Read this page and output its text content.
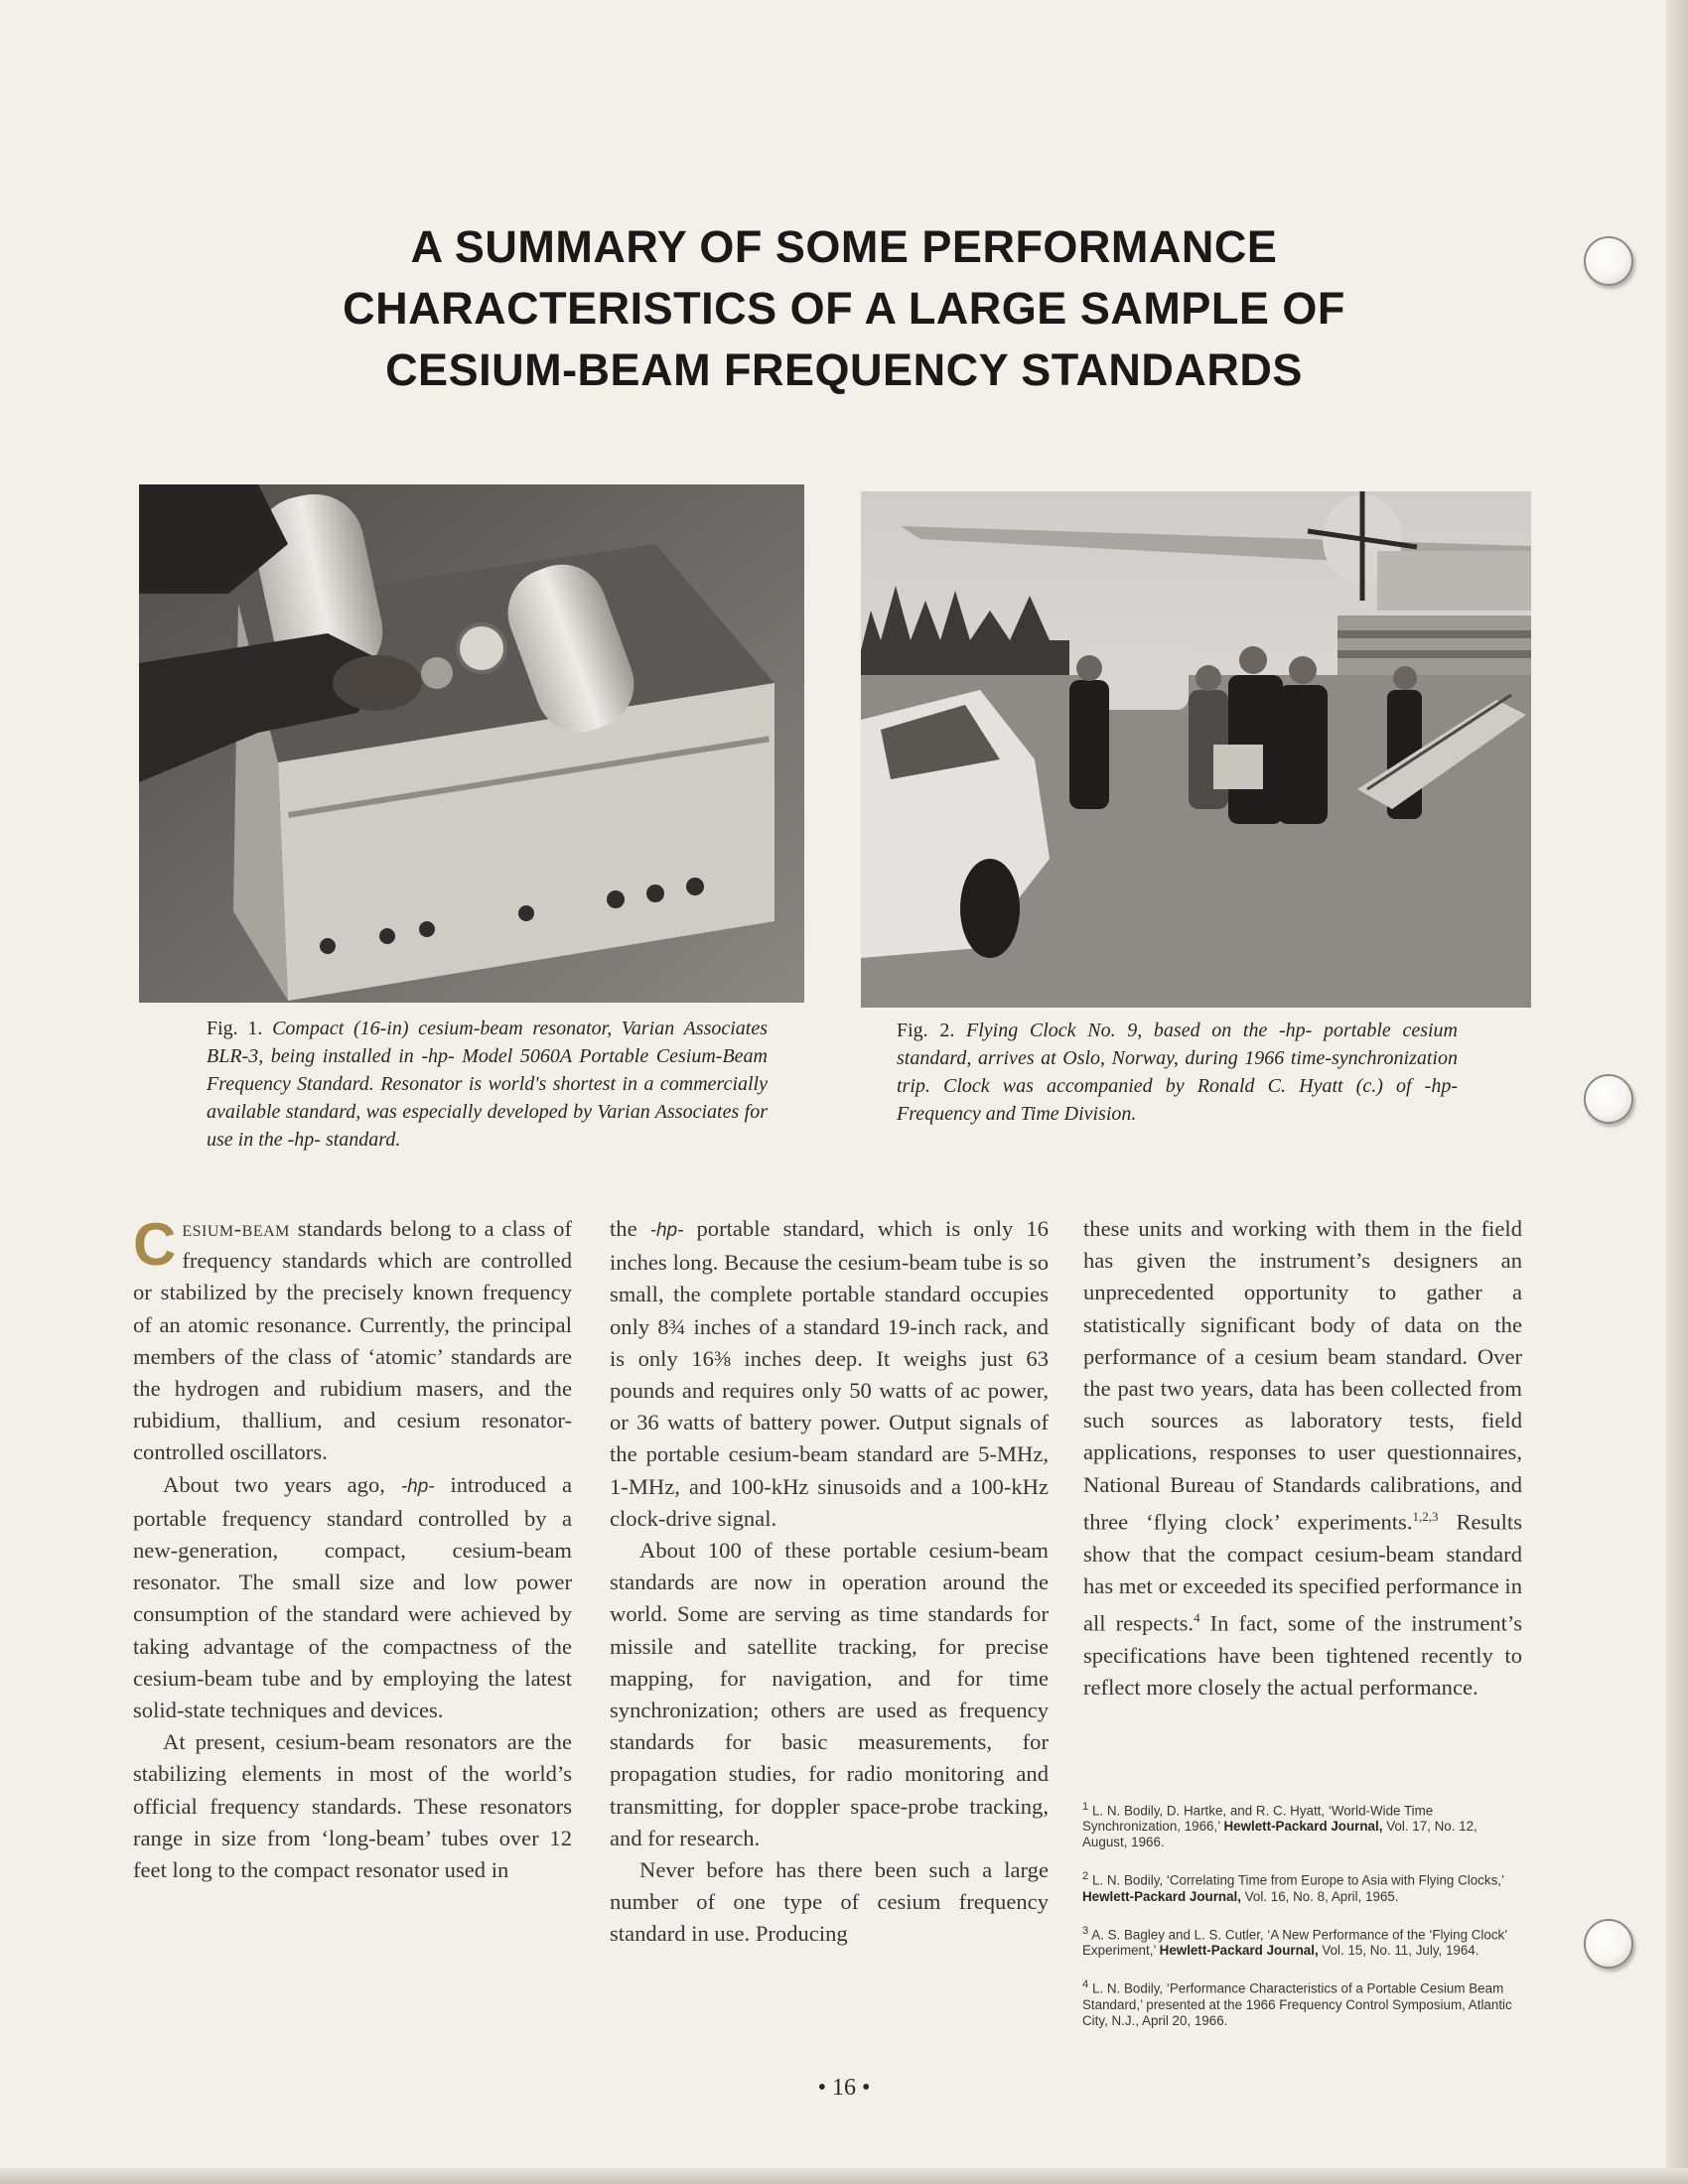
A SUMMARY OF SOME PERFORMANCE
CHARACTERISTICS OF A LARGE SAMPLE OF
CESIUM-BEAM FREQUENCY STANDARDS
Fig. 1. Compact (16-in) cesium-beam resonator, Varian Associates BLR-3, being installed in -hp- Model 5060A Portable Cesium-Beam Frequency Standard. Resonator is world's shortest in a commercially available standard, was especially developed by Varian Associates for use in the -hp- standard.
Fig. 2. Flying Clock No. 9, based on the -hp- portable cesium standard, arrives at Oslo, Norway, during 1966 time-synchronization trip. Clock was accompanied by Ronald C. Hyatt (c.) of -hp- Frequency and Time Division.

Cesium-beam standards belong to a class of frequency standards which are controlled or stabilized by the precisely known frequency of an atomic resonance. Currently, the principal members of the class of ‘atomic’ standards are the hydrogen and rubidium masers, and the rubidium, thallium, and cesium resonator-controlled oscillators.

About two years ago, -hp- introduced a portable frequency standard controlled by a new-generation, compact, cesium-beam resonator. The small size and low power consumption of the standard were achieved by taking advantage of the compactness of the cesium-beam tube and by employing the latest solid-state techniques and devices.

At present, cesium-beam resonators are the stabilizing elements in most of the world’s official frequency standards. These resonators range in size from ‘long-beam’ tubes over 12 feet long to the compact resonator used in

the -hp- portable standard, which is only 16 inches long. Because the cesium-beam tube is so small, the complete portable standard occupies only 8¾ inches of a standard 19-inch rack, and is only 16⅜ inches deep. It weighs just 63 pounds and requires only 50 watts of ac power, or 36 watts of battery power. Output signals of the portable cesium-beam standard are 5-MHz, 1-MHz, and 100-kHz sinusoids and a 100-kHz clock-drive signal.

About 100 of these portable cesium-beam standards are now in operation around the world. Some are serving as time standards for missile and satellite tracking, for precise mapping, for navigation, and for time synchronization; others are used as frequency standards for basic measurements, for propagation studies, for radio monitoring and transmitting, for doppler space-probe tracking, and for research.

Never before has there been such a large number of one type of cesium frequency standard in use. Producing

these units and working with them in the field has given the instrument’s designers an unprecedented opportunity to gather a statistically significant body of data on the performance of a cesium beam standard. Over the past two years, data has been collected from such sources as laboratory tests, field applications, responses to user questionnaires, National Bureau of Standards calibrations, and three ‘flying clock’ experiments.$^{1,2,3}$ Results show that the compact cesium-beam standard has met or exceeded its specified performance in all respects.$^4$ In fact, some of the instrument’s specifications have been tightened recently to reflect more closely the actual performance.

$^1$ L. N. Bodily, D. Hartke, and R. C. Hyatt, ‘World-Wide Time Synchronization, 1966,’ Hewlett-Packard Journal, Vol. 17, No. 12, August, 1966.
$^2$ L. N. Bodily, ‘Correlating Time from Europe to Asia with Flying Clocks,’ Hewlett-Packard Journal, Vol. 16, No. 8, April, 1965.
$^3$ A. S. Bagley and L. S. Cutler, ‘A New Performance of the ‘Flying Clock’ Experiment,’ Hewlett-Packard Journal, Vol. 15, No. 11, July, 1964.
$^4$ L. N. Bodily, ‘Performance Characteristics of a Portable Cesium Beam Standard,’ presented at the 1966 Frequency Control Symposium, Atlantic City, N.J., April 20, 1966.
• 16 •
